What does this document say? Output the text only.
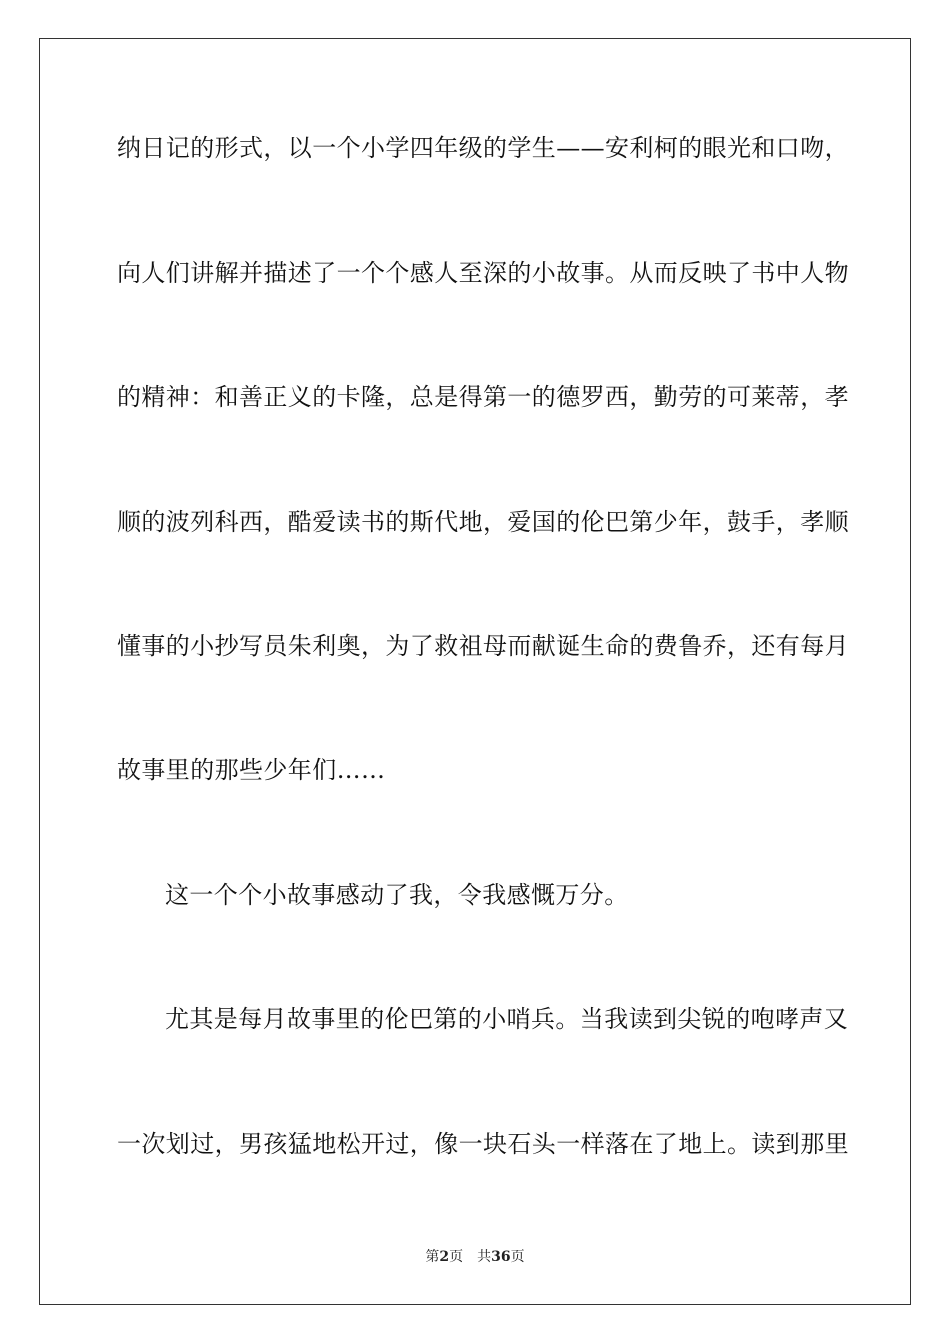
纳日记的形式，以一个小学四年级的学生——安利柯的眼光和口吻，
向人们讲解并描述了一个个感人至深的小故事。从而反映了书中人物
的精神：和善正义的卡隆，总是得第一的德罗西，勤劳的可莱蒂，孝
顺的波列科西，酷爱读书的斯代地，爱国的伦巴第少年，鼓手，孝顺
懂事的小抄写员朱利奥，为了救祖母而献诞生命的费鲁乔，还有每月
故事里的那些少年们……
这一个个小故事感动了我，令我感慨万分。
尤其是每月故事里的伦巴第的小哨兵。当我读到尖锐的咆哮声又
一次划过，男孩猛地松开过，像一块石头一样落在了地上。读到那里
第2页 共36页
